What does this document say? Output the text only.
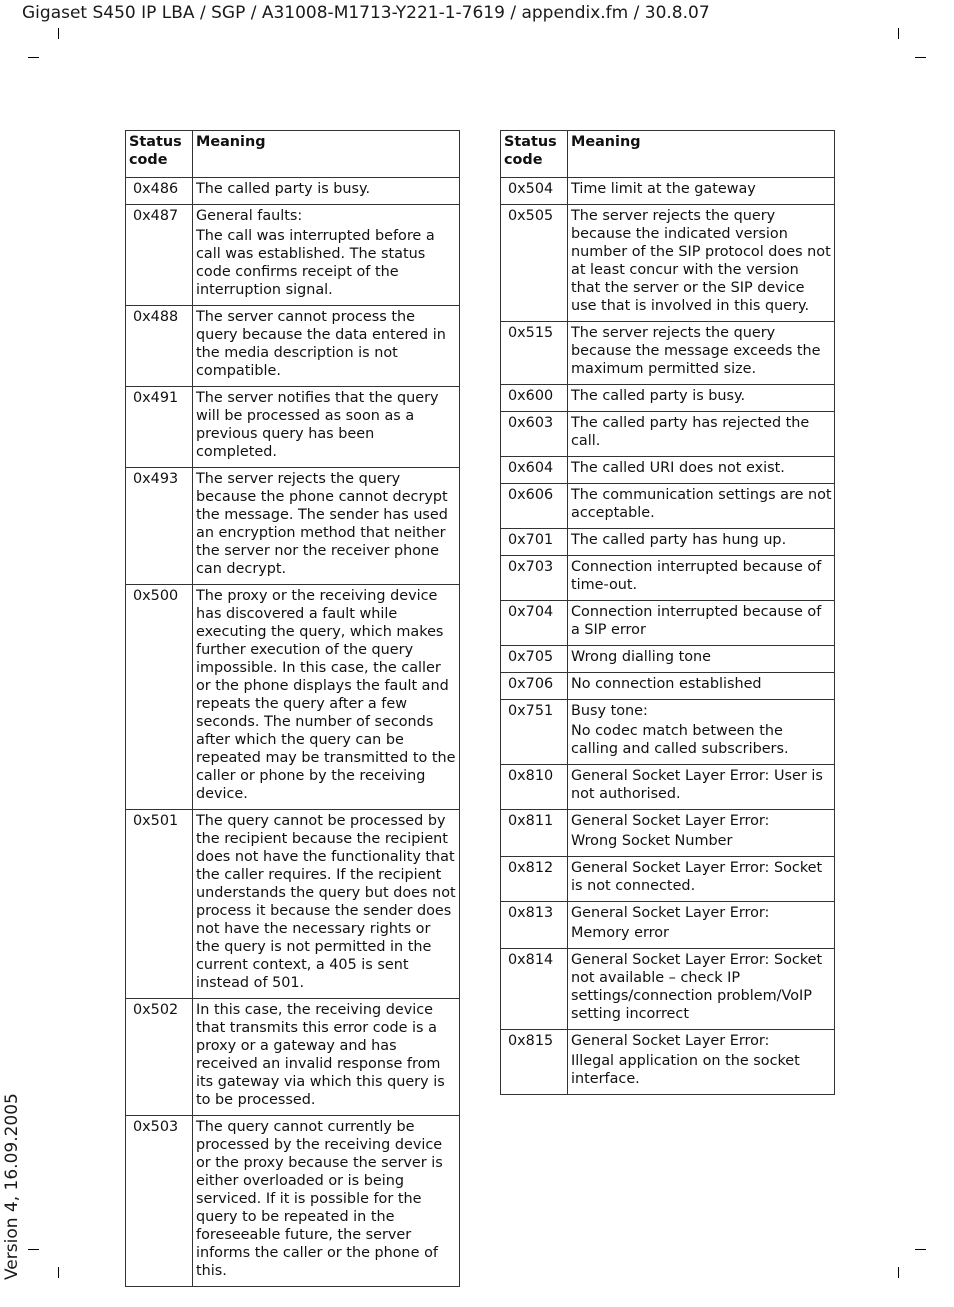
Gigaset S450 IP LBA / SGP / A31008-M1713-Y221-1-7619 / appendix.fm / 30.8.07
Version 4, 16.09.2005
Status code	Meaning
0x486	The called party is busy.

0x487	General faults:
The call was interrupted before a call was established. The status code confirms receipt of the interruption signal.

0x488	The server cannot process the query because the data entered in the media description is not compatible.

0x491	The server notifies that the query will be processed as soon as a previous query has been completed.

0x493	The server rejects the query because the phone cannot decrypt the message. The sender has used an encryption method that neither the server nor the receiver phone can decrypt.

0x500	The proxy or the receiving device has discovered a fault while executing the query, which makes further execution of the query impossible. In this case, the caller or the phone displays the fault and repeats the query after a few seconds. The number of seconds after which the query can be repeated may be transmitted to the caller or phone by the receiving device.

0x501	The query cannot be processed by the recipient because the recipient does not have the functionality that the caller requires. If the recipient understands the query but does not process it because the sender does not have the necessary rights or the query is not permitted in the current context, a 405 is sent instead of 501.

0x502	In this case, the receiving device that transmits this error code is a proxy or a gateway and has received an invalid response from its gateway via which this query is to be processed.

0x503	The query cannot currently be processed by the receiving device or the proxy because the server is either overloaded or is being serviced. If it is possible for the query to be repeated in the foreseeable future, the server informs the caller or the phone of this.
Status code	Meaning
0x504	Time limit at the gateway

0x505	The server rejects the query because the indicated version number of the SIP protocol does not at least concur with the version that the server or the SIP device use that is involved in this query.

0x515	The server rejects the query because the message exceeds the maximum permitted size.

0x600	The called party is busy.

0x603	The called party has rejected the call.

0x604	The called URI does not exist.

0x606	The communication settings are not acceptable.

0x701	The called party has hung up.

0x703	Connection interrupted because of time-out.

0x704	Connection interrupted because of a SIP error

0x705	Wrong dialling tone

0x706	No connection established

0x751	Busy tone:
No codec match between the calling and called subscribers.

0x810	General Socket Layer Error: User is not authorised.

0x811	General Socket Layer Error:
Wrong Socket Number

0x812	General Socket Layer Error: Socket is not connected.

0x813	General Socket Layer Error:
Memory error

0x814	General Socket Layer Error: Socket not available – check IP settings/connection problem/VoIP setting incorrect

0x815	General Socket Layer Error:
Illegal application on the socket interface.
